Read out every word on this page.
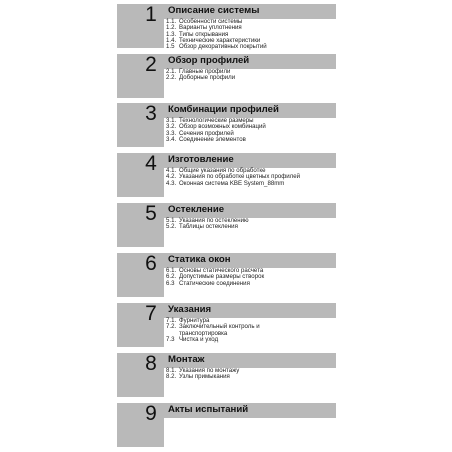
1	Описание системы
1.1. Особенности системы
1.2. Варианты уплотнения
1.3. Типы открывания
1.4. Технические характеристики
1.5 Обзор декоративных покрытий
2	Обзор профилей
2.1. Главные профили
2.2. Доборные профили
3	Комбинации профилей
3.1. Технологические размеры
3.2. Обзор возможных комбинаций
3.3. Сечения профилей
3.4. Соединение элементов
4	Изготовление
4.1. Общие указания по обработке
4.2. Указания по обработке цветных профилей
4.3. Оконная система KBE System_88mm
5	Остекление
5.1. Указания по остеклению
5.2. Таблицы остекления
6	Статика окон
6.1. Основы статического расчета
6.2. Допустимые размеры створок
6.3 Статические соединения
7	Указания
7.1. Фурнитура
7.2. Заключительный контроль и транспортировка
7.3 Чистка и уход
8	Монтаж
8.1. Указания по монтажу
8.2. Узлы примыкания
9	Акты испытаний
